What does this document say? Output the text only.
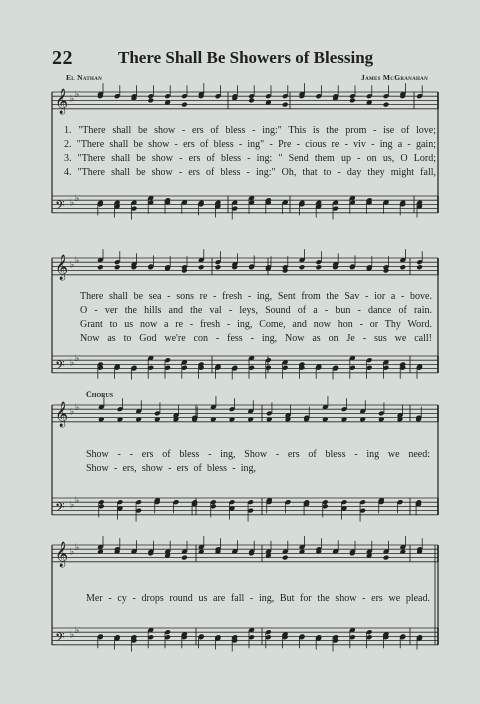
22	There Shall Be Showers of Blessing
El Nathan	James McGranahan
𝄞 ♭ ♭
𝄢 ♭ ♭
𝄞 ♭ ♭
𝄢 ♭ ♭
𝄞 ♭ ♭
𝄢 ♭ ♭
𝄞 ♭ ♭
𝄢 ♭ ♭
1. "There shall be show - ers of bless - ing:" This is the prom - ise of love;
2. "There shall be show - ers of bless - ing" - Pre - cious re - viv - ing a - gain;
3. "There shall be show - ers of bless - ing: " Send them up - on us, O Lord;
4. "There shall be show - ers of bless - ing:" Oh, that to - day they might fall,
There shall be sea - sons re - fresh - ing, Sent from the Sav - ior a - bove.
O - ver the hills and the val - leys, Sound of a - bun - dance of rain.
Grant to us now a re - fresh - ing, Come, and now hon - or Thy Word.
Now as to God we're con - fess - ing, Now as on Je - sus we call!
Chorus
Show - - ers of bless - ing, Show - ers of bless - ing we need:
Show - ers, show - ers of bless - ing,
Mer - cy - drops round us are fall - ing, But for the show - ers we plead.
